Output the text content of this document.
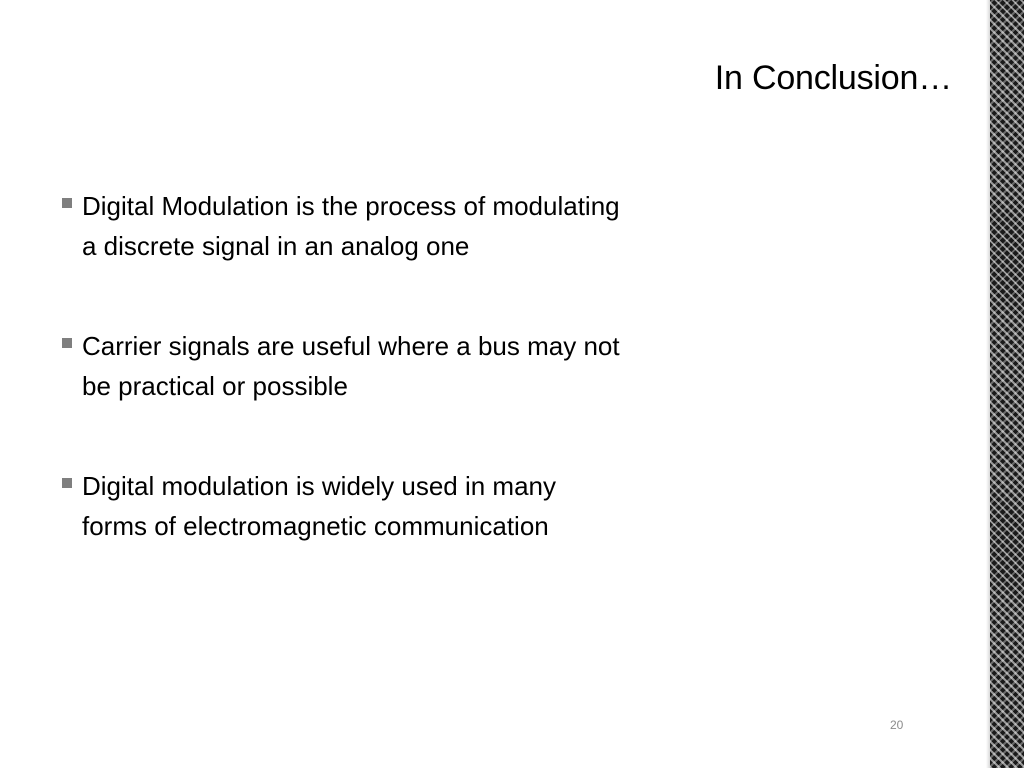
In Conclusion…
Digital Modulation is the process of modulating a discrete signal in an analog one
Carrier signals are useful where a bus may not be practical or possible
Digital modulation is widely used in many forms of electromagnetic communication
20
